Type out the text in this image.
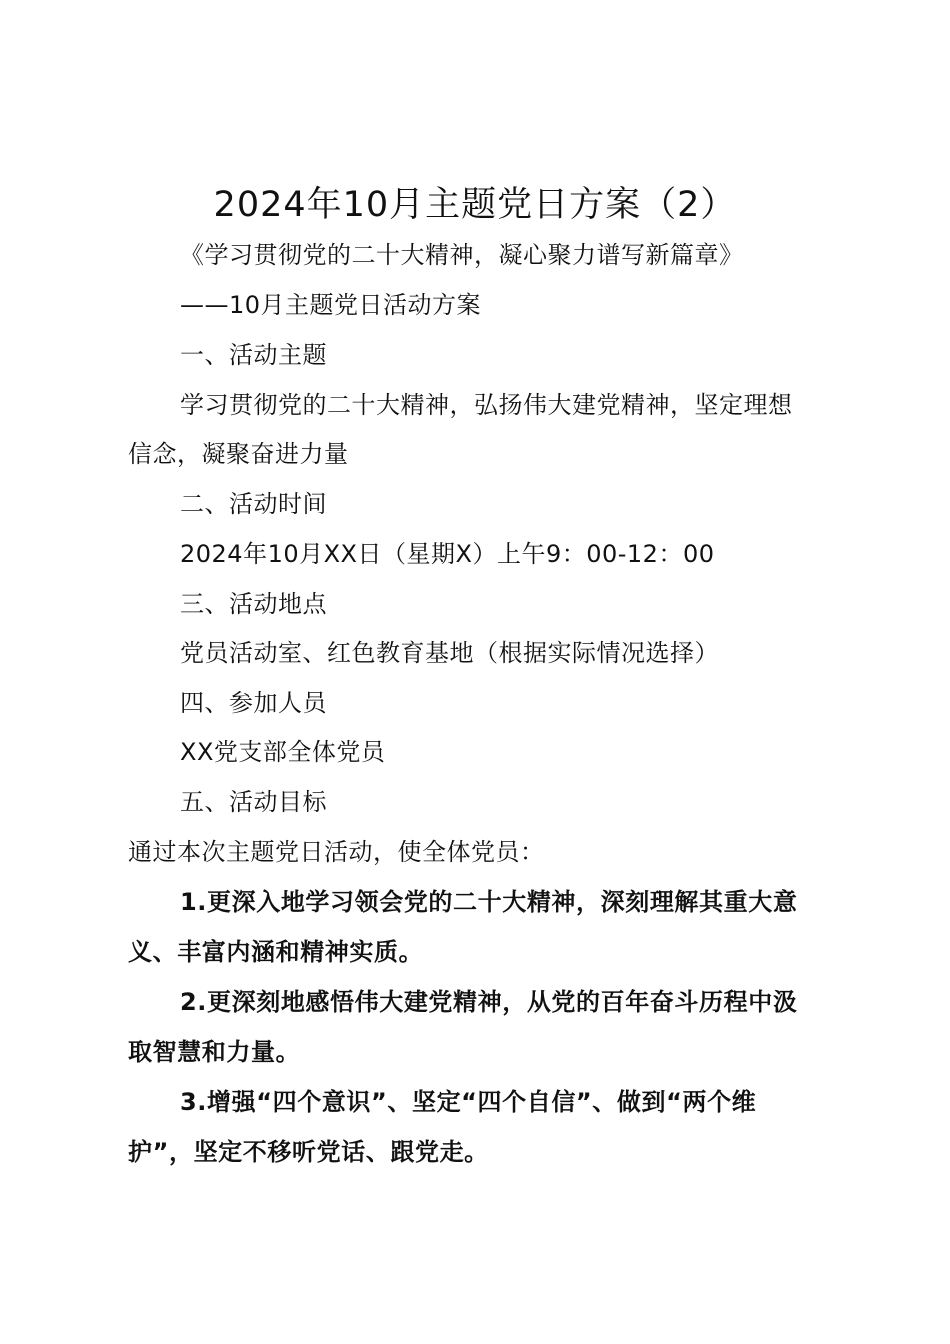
2024年10月主题党日方案（2）
《学习贯彻党的二十大精神，凝心聚力谱写新篇章》
——10月主题党日活动方案
一、活动主题
学习贯彻党的二十大精神，弘扬伟大建党精神，坚定理想
信念，凝聚奋进力量
二、活动时间
2024年10月XX日（星期X）上午9：00-12：00
三、活动地点
党员活动室、红色教育基地（根据实际情况选择）
四、参加人员
XX党支部全体党员
五、活动目标
通过本次主题党日活动，使全体党员：
1.更深入地学习领会党的二十大精神，深刻理解其重大意
义、丰富内涵和精神实质。
2.更深刻地感悟伟大建党精神，从党的百年奋斗历程中汲
取智慧和力量。
3.增强“四个意识”、坚定“四个自信”、做到“两个维
护”，坚定不移听党话、跟党走。
